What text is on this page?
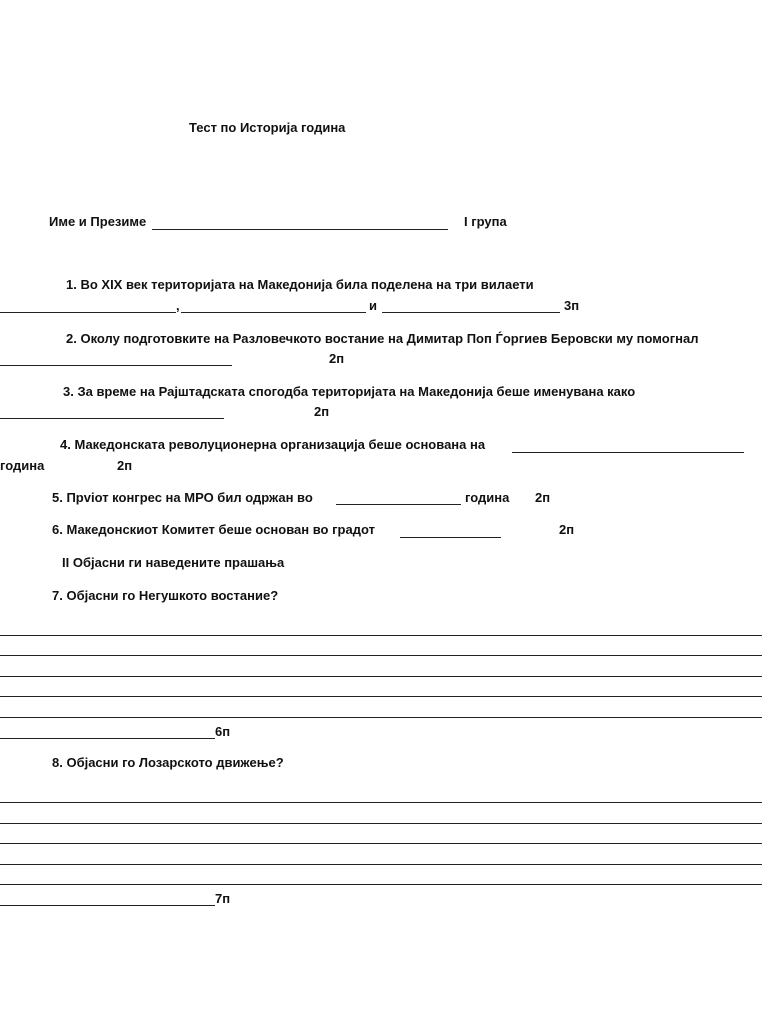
Тест по Историја година
Име и Презиме	I група
1. Во XIX век територијата на Македонија била поделена на три вилаети
,	и	3п
2. Околу подготовките на Разловечкото востание на Димитар Поп Ѓоргиев Беровски му помогнал
2п
3. За време на Рајштадската спогодба територијата на Македонија беше именувана како
2п
4. Македонската револуционерна организација беше основана на
година	2п
5. Прviот конгрес на МРО бил одржан во	година 2п
6. Македонскиот Комитет беше основан во градот	2п
II Објасни ги наведените прашања
7. Објасни го Негушкото востание?
6п
8. Објасни го Лозарското движење?
7п
